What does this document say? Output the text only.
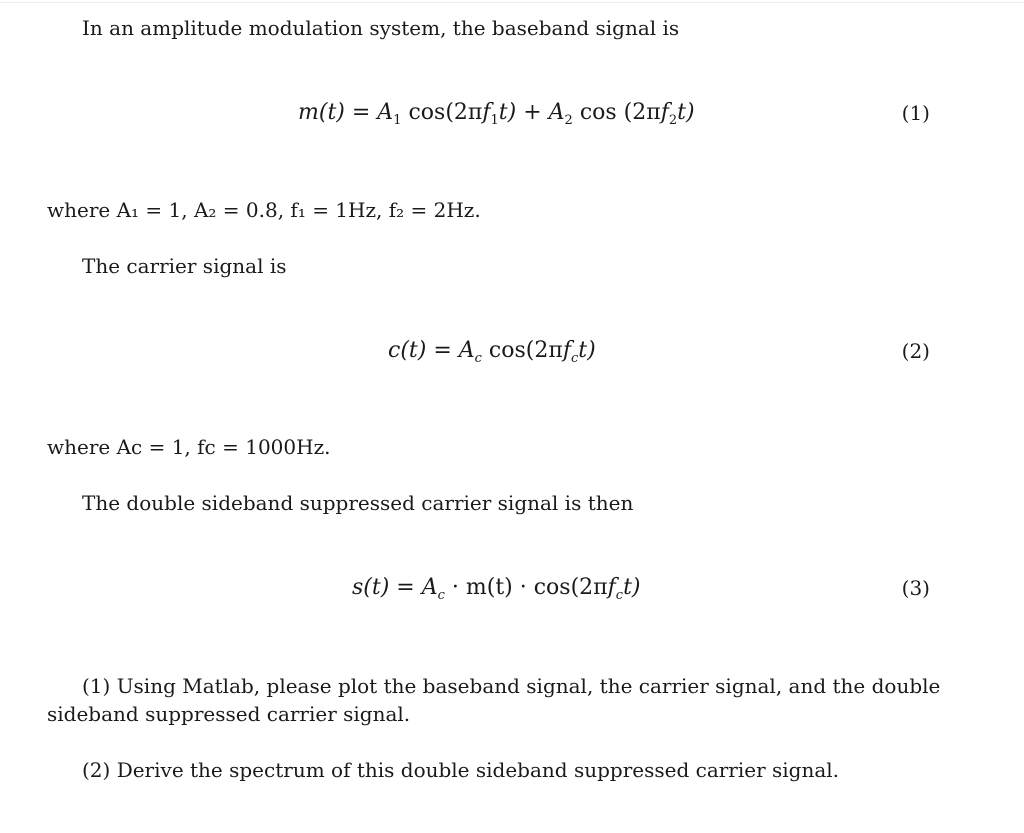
In an amplitude modulation system, the baseband signal is
$m(t) = A_1$ $\cos(2\pi f_1t) + A_2$ $\cos (2\pi f_2t)$	(1)
where A₁ = 1, A₂ = 0.8, f₁ = 1Hz, f₂ = 2Hz.
The carrier signal is
$c(t) = A_c$ $\cos(2\pi f_ct)$	(2)
where Ac = 1, fc = 1000Hz.
The double sideband suppressed carrier signal is then
$s(t) = A_c \cdot m(t) \cdot \cos(2\pi f_ct)$	(3)
(1) Using Matlab, please plot the baseband signal, the carrier signal, and the double
sideband suppressed carrier signal.
(2) Derive the spectrum of this double sideband suppressed carrier signal.
